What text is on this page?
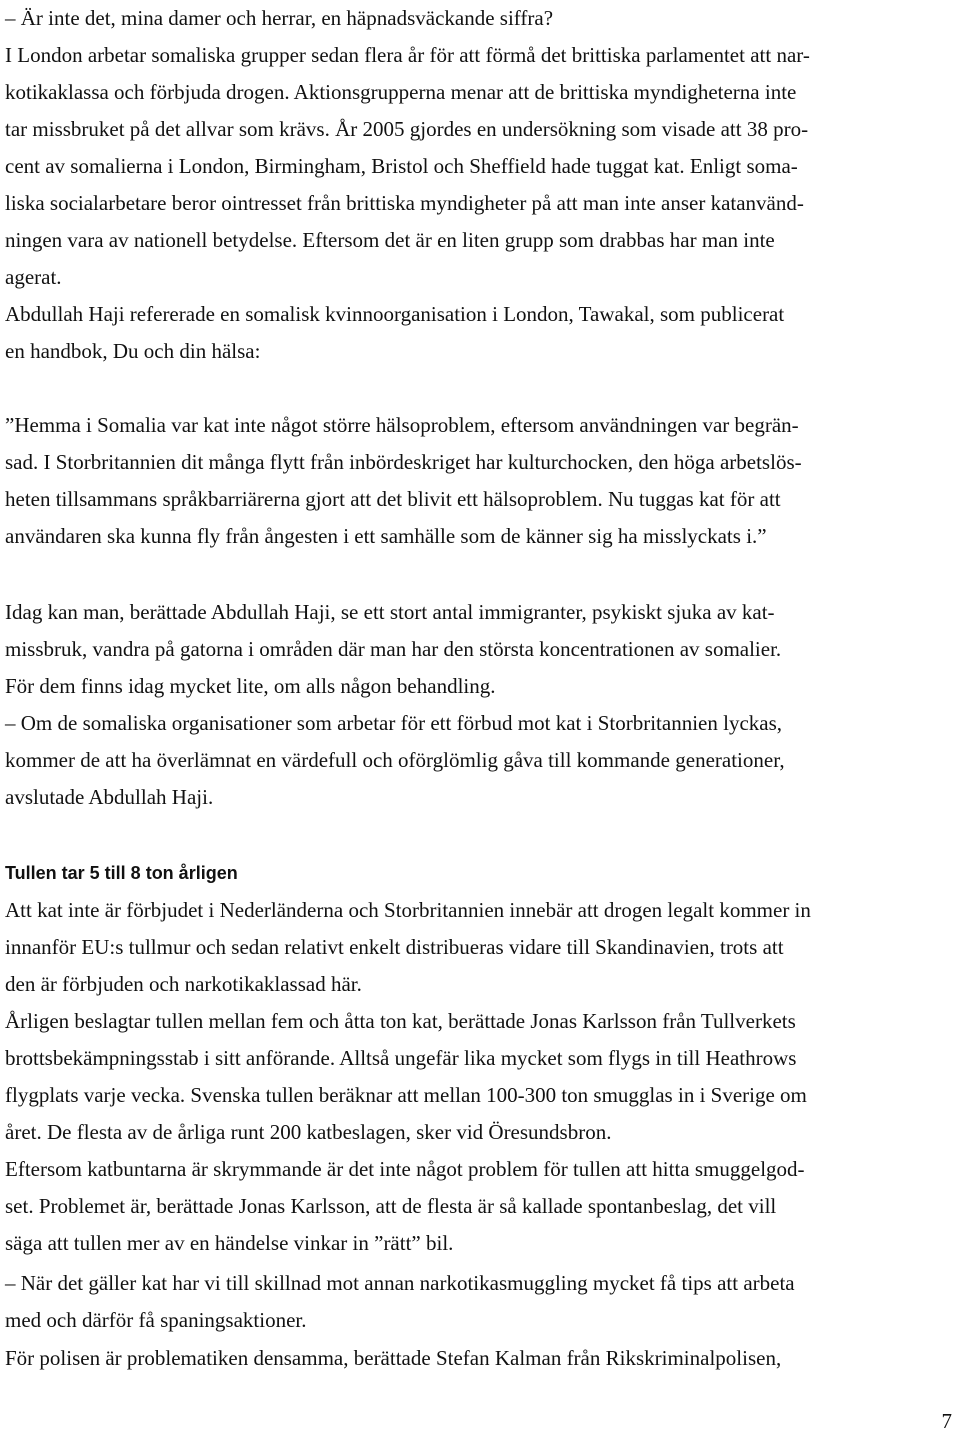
– Är inte det, mina damer och herrar, en häpnadsväckande siffra?
I London arbetar somaliska grupper sedan flera år för att förmå det brittiska parlamentet att nar-
kotikaklassa och förbjuda drogen. Aktionsgrupperna menar att de brittiska myndigheterna inte
tar missbruket på det allvar som krävs. År 2005 gjordes en undersökning som visade att 38 pro-
cent av somalierna i London, Birmingham, Bristol och Sheffield hade tuggat kat. Enligt soma-
liska socialarbetare beror ointresset från brittiska myndigheter på att man inte anser katanvänd-
ningen vara av nationell betydelse. Eftersom det är en liten grupp som drabbas har man inte
agerat.
Abdullah Haji refererade en somalisk kvinnoorganisation i London, Tawakal, som publicerat
en handbok, Du och din hälsa:
”Hemma i Somalia var kat inte något större hälsoproblem, eftersom användningen var begrän-
sad. I Storbritannien dit många flytt från inbördeskriget har kulturchocken, den höga arbetslös-
heten tillsammans språkbarriärerna gjort att det blivit ett hälsoproblem. Nu tuggas kat för att
användaren ska kunna fly från ångesten i ett samhälle som de känner sig ha misslyckats i.”
Idag kan man, berättade Abdullah Haji, se ett stort antal immigranter, psykiskt sjuka av kat-
missbruk, vandra på gatorna i områden där man har den största koncentrationen av somalier.
För dem finns idag mycket lite, om alls någon behandling.
– Om de somaliska organisationer som arbetar för ett förbud mot kat i Storbritannien lyckas,
kommer de att ha överlämnat en värdefull och oförglömlig gåva till kommande generationer,
avslutade Abdullah Haji.
Tullen tar 5 till 8 ton årligen
Att kat inte är förbjudet i Nederländerna och Storbritannien innebär att drogen legalt kommer in
innanför EU:s tullmur och sedan relativt enkelt distribueras vidare till Skandinavien, trots att
den är förbjuden och narkotikaklassad här.
Årligen beslagtar tullen mellan fem och åtta ton kat, berättade Jonas Karlsson från Tullverkets
brottsbekämpningsstab i sitt anförande. Alltså ungefär lika mycket som flygs in till Heathrows
flygplats varje vecka. Svenska tullen beräknar att mellan 100-300 ton smugglas in i Sverige om
året. De flesta av de årliga runt 200 katbeslagen, sker vid Öresundsbron.
Eftersom katbuntarna är skrymmande är det inte något problem för tullen att hitta smuggelgod-
set. Problemet är, berättade Jonas Karlsson, att de flesta är så kallade spontanbeslag, det vill
säga att tullen mer av en händelse vinkar in ”rätt” bil.
– När det gäller kat har vi till skillnad mot annan narkotikasmuggling mycket få tips att arbeta
med och därför få spaningsaktioner.
För polisen är problematiken densamma, berättade Stefan Kalman från Rikskriminalpolisen,
7
